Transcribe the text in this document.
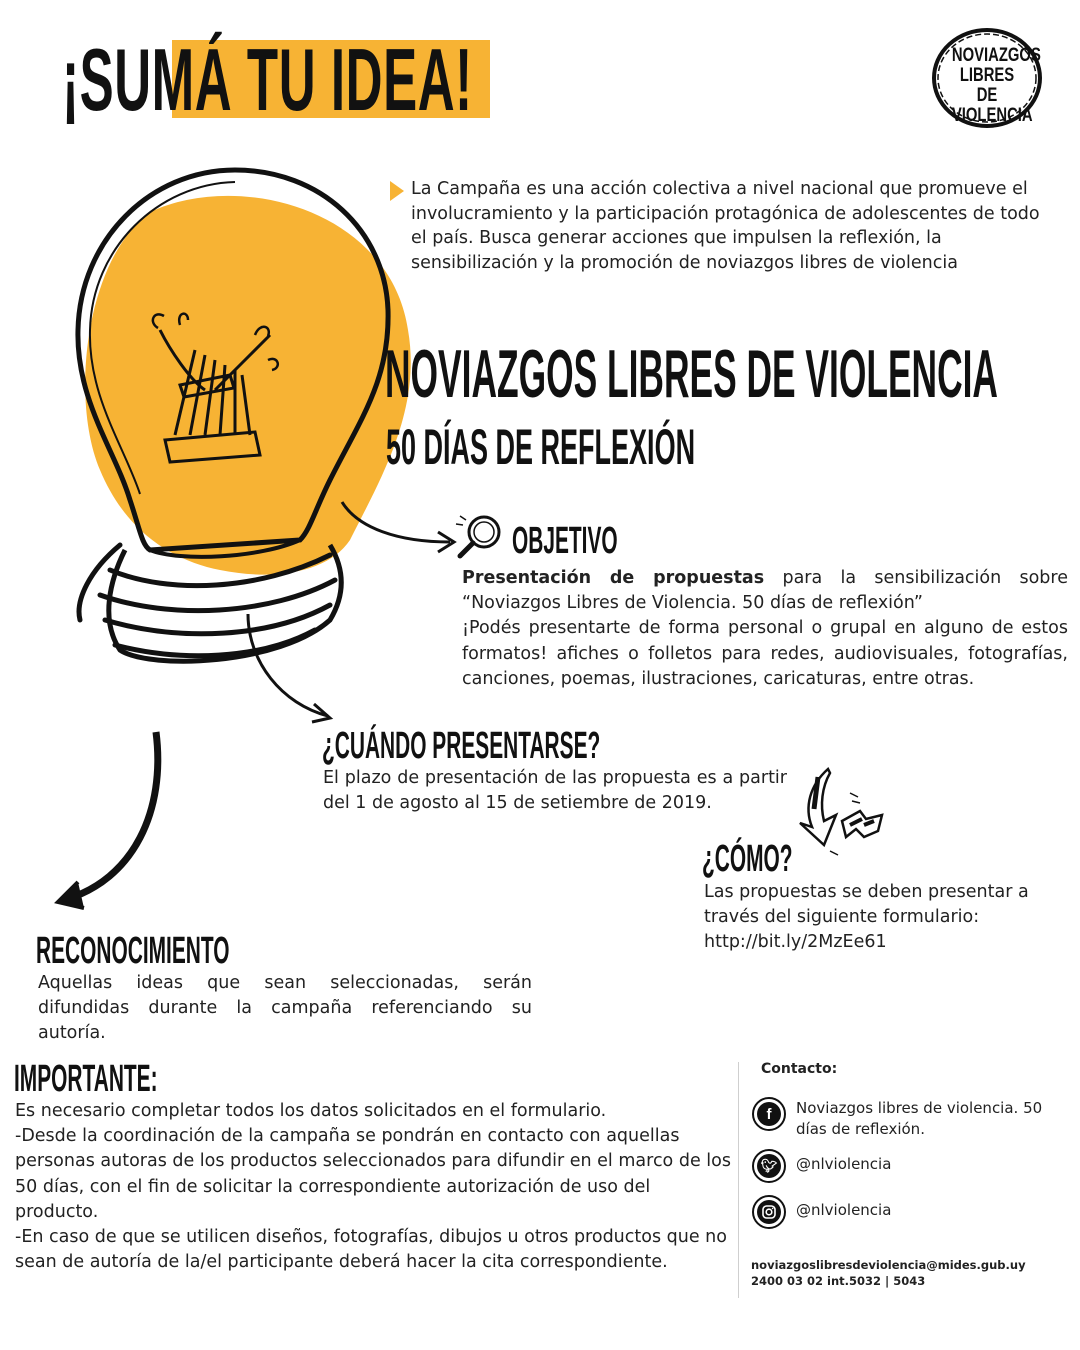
¡SUMÁ TU IDEA!	NOVIAZGOS LIBRES DE VIOLENCIA
La Campaña es una acción colectiva a nivel nacional que promueve el involucramiento y la participación protagónica de adolescentes de todo el país. Busca generar acciones que impulsen la reflexión, la sensibilización y la promoción de noviazgos libres de violencia
NOVIAZGOS LIBRES DE VIOLENCIA
50 DÍAS DE REFLEXIÓN
OBJETIVO
Presentación de propuestas para la sensibilización sobre “Noviazgos Libres de Violencia. 50 días de reflexión”
¡Podés presentarte de forma personal o grupal en alguno de estos formatos! afiches o folletos para redes, audiovisuales, fotografías, canciones, poemas, ilustraciones, caricaturas, entre otras.
¿CUÁNDO PRESENTARSE?
El plazo de presentación de las propuesta es a partir del 1 de agosto al 15 de setiembre de 2019.
¿CÓMO?
Las propuestas se deben presentar a través del siguiente formulario:
http://bit.ly/2MzEe61
RECONOCIMIENTO
Aquellas ideas que sean seleccionadas, serán difundidas durante la campaña referenciando su autoría.
IMPORTANTE:
Es necesario completar todos los datos solicitados en el formulario.
-Desde la coordinación de la campaña se pondrán en contacto con aquellas personas autoras de los productos seleccionados para difundir en el marco de los 50 días, con el fin de solicitar la correspondiente autorización de uso del producto.
-En caso de que se utilicen diseños, fotografías, dibujos u otros productos que no sean de autoría de la/el participante deberá hacer la cita correspondiente.
Contacto:
f	Noviazgos libres de violencia. 50 días de reflexión.
🐦︎ @nlviolencia
@nlviolencia
noviazgoslibresdeviolencia@mides.gub.uy
2400 03 02 int.5032 | 5043
